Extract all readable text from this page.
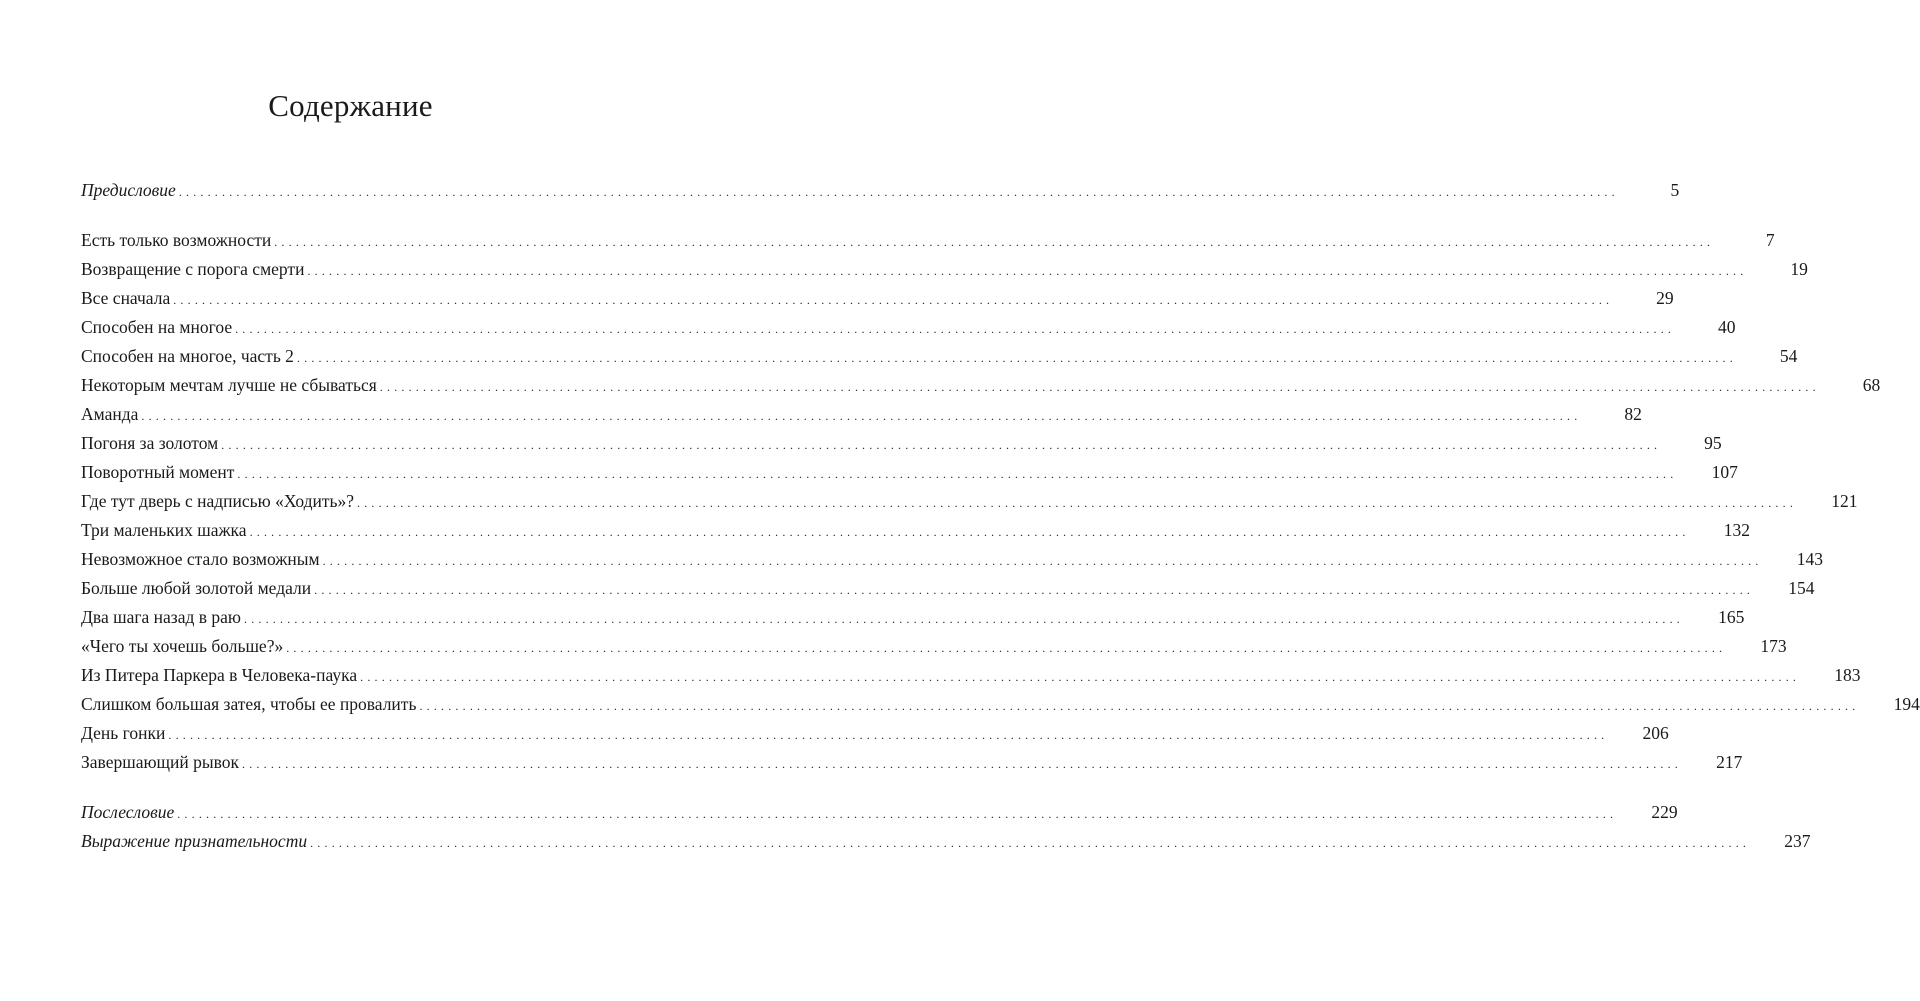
Содержание
Предисловие . . . . . . . . . . . . . . . . . . . . . . . . . . . . . . . . . . . . . . . . . . . . . . . . . . . . . . . . . . . . . . . . . . . . . . . . . . . . . . . . . . . . . . . . . . . . . . . . . . . . . . . . . . . . . . . . . . . . . . . . . . . . . . . . . . . . . . . . . . . . . . . . . . . . . . . . . . . . . . . . . . . . . . . . . . . . . . . . . . . . . . . . . . . . . . . . . . . . . . . .	5
Есть только возможности . . . . . . . . . . . . . . . . . . . . . . . . . . . . . . . . . . . . . . . . . . . . . . . . . . . . . . . . . . . . . . . . . . . . . . . . . . . . . . . . . . . . . . . . . . . . . . . . . . . . . . . . . . . . . . . . . . . . . . . . . . . . . . . . . . . . . . . . . . . . . . . . . . . . . . . . . . . . . . . . . . . . . . . . . . . . . . . . . . . . . . . . . . . . . . . . . . . . . . . .	7
Возвращение с порога смерти . . . . . . . . . . . . . . . . . . . . . . . . . . . . . . . . . . . . . . . . . . . . . . . . . . . . . . . . . . . . . . . . . . . . . . . . . . . . . . . . . . . . . . . . . . . . . . . . . . . . . . . . . . . . . . . . . . . . . . . . . . . . . . . . . . . . . . . . . . . . . . . . . . . . . . . . . . . . . . . . . . . . . . . . . . . . . . . . . . . . . . . . . . . . . . . . . . . . . . . .	19
Все сначала . . . . . . . . . . . . . . . . . . . . . . . . . . . . . . . . . . . . . . . . . . . . . . . . . . . . . . . . . . . . . . . . . . . . . . . . . . . . . . . . . . . . . . . . . . . . . . . . . . . . . . . . . . . . . . . . . . . . . . . . . . . . . . . . . . . . . . . . . . . . . . . . . . . . . . . . . . . . . . . . . . . . . . . . . . . . . . . . . . . . . . . . . . . . . . . . . . . . . . . .	29
Способен на многое . . . . . . . . . . . . . . . . . . . . . . . . . . . . . . . . . . . . . . . . . . . . . . . . . . . . . . . . . . . . . . . . . . . . . . . . . . . . . . . . . . . . . . . . . . . . . . . . . . . . . . . . . . . . . . . . . . . . . . . . . . . . . . . . . . . . . . . . . . . . . . . . . . . . . . . . . . . . . . . . . . . . . . . . . . . . . . . . . . . . . . . . . . . . . . . . . . . . . . . .	40
Способен на многое, часть 2 . . . . . . . . . . . . . . . . . . . . . . . . . . . . . . . . . . . . . . . . . . . . . . . . . . . . . . . . . . . . . . . . . . . . . . . . . . . . . . . . . . . . . . . . . . . . . . . . . . . . . . . . . . . . . . . . . . . . . . . . . . . . . . . . . . . . . . . . . . . . . . . . . . . . . . . . . . . . . . . . . . . . . . . . . . . . . . . . . . . . . . . . . . . . . . . . . . . . . . . .	54
Некоторым мечтам лучше не сбываться . . . . . . . . . . . . . . . . . . . . . . . . . . . . . . . . . . . . . . . . . . . . . . . . . . . . . . . . . . . . . . . . . . . . . . . . . . . . . . . . . . . . . . . . . . . . . . . . . . . . . . . . . . . . . . . . . . . . . . . . . . . . . . . . . . . . . . . . . . . . . . . . . . . . . . . . . . . . . . . . . . . . . . . . . . . . . . . . . . . . . . . . . . . . . . . . . . . . . . . .	68
Аманда . . . . . . . . . . . . . . . . . . . . . . . . . . . . . . . . . . . . . . . . . . . . . . . . . . . . . . . . . . . . . . . . . . . . . . . . . . . . . . . . . . . . . . . . . . . . . . . . . . . . . . . . . . . . . . . . . . . . . . . . . . . . . . . . . . . . . . . . . . . . . . . . . . . . . . . . . . . . . . . . . . . . . . . . . . . . . . . . . . . . . . . . . . . . . . . . . . . . . . . .	82
Погоня за золотом . . . . . . . . . . . . . . . . . . . . . . . . . . . . . . . . . . . . . . . . . . . . . . . . . . . . . . . . . . . . . . . . . . . . . . . . . . . . . . . . . . . . . . . . . . . . . . . . . . . . . . . . . . . . . . . . . . . . . . . . . . . . . . . . . . . . . . . . . . . . . . . . . . . . . . . . . . . . . . . . . . . . . . . . . . . . . . . . . . . . . . . . . . . . . . . . . . . . . . . .	95
Поворотный момент . . . . . . . . . . . . . . . . . . . . . . . . . . . . . . . . . . . . . . . . . . . . . . . . . . . . . . . . . . . . . . . . . . . . . . . . . . . . . . . . . . . . . . . . . . . . . . . . . . . . . . . . . . . . . . . . . . . . . . . . . . . . . . . . . . . . . . . . . . . . . . . . . . . . . . . . . . . . . . . . . . . . . . . . . . . . . . . . . . . . . . . . . . . . . . . . . . . . . . . .	107
Где тут дверь с надписью «Ходить»? . . . . . . . . . . . . . . . . . . . . . . . . . . . . . . . . . . . . . . . . . . . . . . . . . . . . . . . . . . . . . . . . . . . . . . . . . . . . . . . . . . . . . . . . . . . . . . . . . . . . . . . . . . . . . . . . . . . . . . . . . . . . . . . . . . . . . . . . . . . . . . . . . . . . . . . . . . . . . . . . . . . . . . . . . . . . . . . . . . . . . . . . . . . . . . . . . . . . . . . .	121
Три маленьких шажка . . . . . . . . . . . . . . . . . . . . . . . . . . . . . . . . . . . . . . . . . . . . . . . . . . . . . . . . . . . . . . . . . . . . . . . . . . . . . . . . . . . . . . . . . . . . . . . . . . . . . . . . . . . . . . . . . . . . . . . . . . . . . . . . . . . . . . . . . . . . . . . . . . . . . . . . . . . . . . . . . . . . . . . . . . . . . . . . . . . . . . . . . . . . . . . . . . . . . . . .	132
Невозможное стало возможным . . . . . . . . . . . . . . . . . . . . . . . . . . . . . . . . . . . . . . . . . . . . . . . . . . . . . . . . . . . . . . . . . . . . . . . . . . . . . . . . . . . . . . . . . . . . . . . . . . . . . . . . . . . . . . . . . . . . . . . . . . . . . . . . . . . . . . . . . . . . . . . . . . . . . . . . . . . . . . . . . . . . . . . . . . . . . . . . . . . . . . . . . . . . . . . . . . . . . . . .	143
Больше любой золотой медали . . . . . . . . . . . . . . . . . . . . . . . . . . . . . . . . . . . . . . . . . . . . . . . . . . . . . . . . . . . . . . . . . . . . . . . . . . . . . . . . . . . . . . . . . . . . . . . . . . . . . . . . . . . . . . . . . . . . . . . . . . . . . . . . . . . . . . . . . . . . . . . . . . . . . . . . . . . . . . . . . . . . . . . . . . . . . . . . . . . . . . . . . . . . . . . . . . . . . . . .	154
Два шага назад в раю . . . . . . . . . . . . . . . . . . . . . . . . . . . . . . . . . . . . . . . . . . . . . . . . . . . . . . . . . . . . . . . . . . . . . . . . . . . . . . . . . . . . . . . . . . . . . . . . . . . . . . . . . . . . . . . . . . . . . . . . . . . . . . . . . . . . . . . . . . . . . . . . . . . . . . . . . . . . . . . . . . . . . . . . . . . . . . . . . . . . . . . . . . . . . . . . . . . . . . . .	165
«Чего ты хочешь больше?» . . . . . . . . . . . . . . . . . . . . . . . . . . . . . . . . . . . . . . . . . . . . . . . . . . . . . . . . . . . . . . . . . . . . . . . . . . . . . . . . . . . . . . . . . . . . . . . . . . . . . . . . . . . . . . . . . . . . . . . . . . . . . . . . . . . . . . . . . . . . . . . . . . . . . . . . . . . . . . . . . . . . . . . . . . . . . . . . . . . . . . . . . . . . . . . . . . . . . . . .	173
Из Питера Паркера в Человека-паука . . . . . . . . . . . . . . . . . . . . . . . . . . . . . . . . . . . . . . . . . . . . . . . . . . . . . . . . . . . . . . . . . . . . . . . . . . . . . . . . . . . . . . . . . . . . . . . . . . . . . . . . . . . . . . . . . . . . . . . . . . . . . . . . . . . . . . . . . . . . . . . . . . . . . . . . . . . . . . . . . . . . . . . . . . . . . . . . . . . . . . . . . . . . . . . . . . . . . . . .	183
Слишком большая затея, чтобы ее провалить . . . . . . . . . . . . . . . . . . . . . . . . . . . . . . . . . . . . . . . . . . . . . . . . . . . . . . . . . . . . . . . . . . . . . . . . . . . . . . . . . . . . . . . . . . . . . . . . . . . . . . . . . . . . . . . . . . . . . . . . . . . . . . . . . . . . . . . . . . . . . . . . . . . . . . . . . . . . . . . . . . . . . . . . . . . . . . . . . . . . . . . . . . . . . . . . . . . . . . . .	194
День гонки . . . . . . . . . . . . . . . . . . . . . . . . . . . . . . . . . . . . . . . . . . . . . . . . . . . . . . . . . . . . . . . . . . . . . . . . . . . . . . . . . . . . . . . . . . . . . . . . . . . . . . . . . . . . . . . . . . . . . . . . . . . . . . . . . . . . . . . . . . . . . . . . . . . . . . . . . . . . . . . . . . . . . . . . . . . . . . . . . . . . . . . . . . . . . . . . . . . . . . . .	206
Завершающий рывок . . . . . . . . . . . . . . . . . . . . . . . . . . . . . . . . . . . . . . . . . . . . . . . . . . . . . . . . . . . . . . . . . . . . . . . . . . . . . . . . . . . . . . . . . . . . . . . . . . . . . . . . . . . . . . . . . . . . . . . . . . . . . . . . . . . . . . . . . . . . . . . . . . . . . . . . . . . . . . . . . . . . . . . . . . . . . . . . . . . . . . . . . . . . . . . . . . . . . . . .	217
Послесловие . . . . . . . . . . . . . . . . . . . . . . . . . . . . . . . . . . . . . . . . . . . . . . . . . . . . . . . . . . . . . . . . . . . . . . . . . . . . . . . . . . . . . . . . . . . . . . . . . . . . . . . . . . . . . . . . . . . . . . . . . . . . . . . . . . . . . . . . . . . . . . . . . . . . . . . . . . . . . . . . . . . . . . . . . . . . . . . . . . . . . . . . . . . . . . . . . . . . . . . .	229
Выражение признательности . . . . . . . . . . . . . . . . . . . . . . . . . . . . . . . . . . . . . . . . . . . . . . . . . . . . . . . . . . . . . . . . . . . . . . . . . . . . . . . . . . . . . . . . . . . . . . . . . . . . . . . . . . . . . . . . . . . . . . . . . . . . . . . . . . . . . . . . . . . . . . . . . . . . . . . . . . . . . . . . . . . . . . . . . . . . . . . . . . . . . . . . . . . . . . . . . . . . . . . .	237
